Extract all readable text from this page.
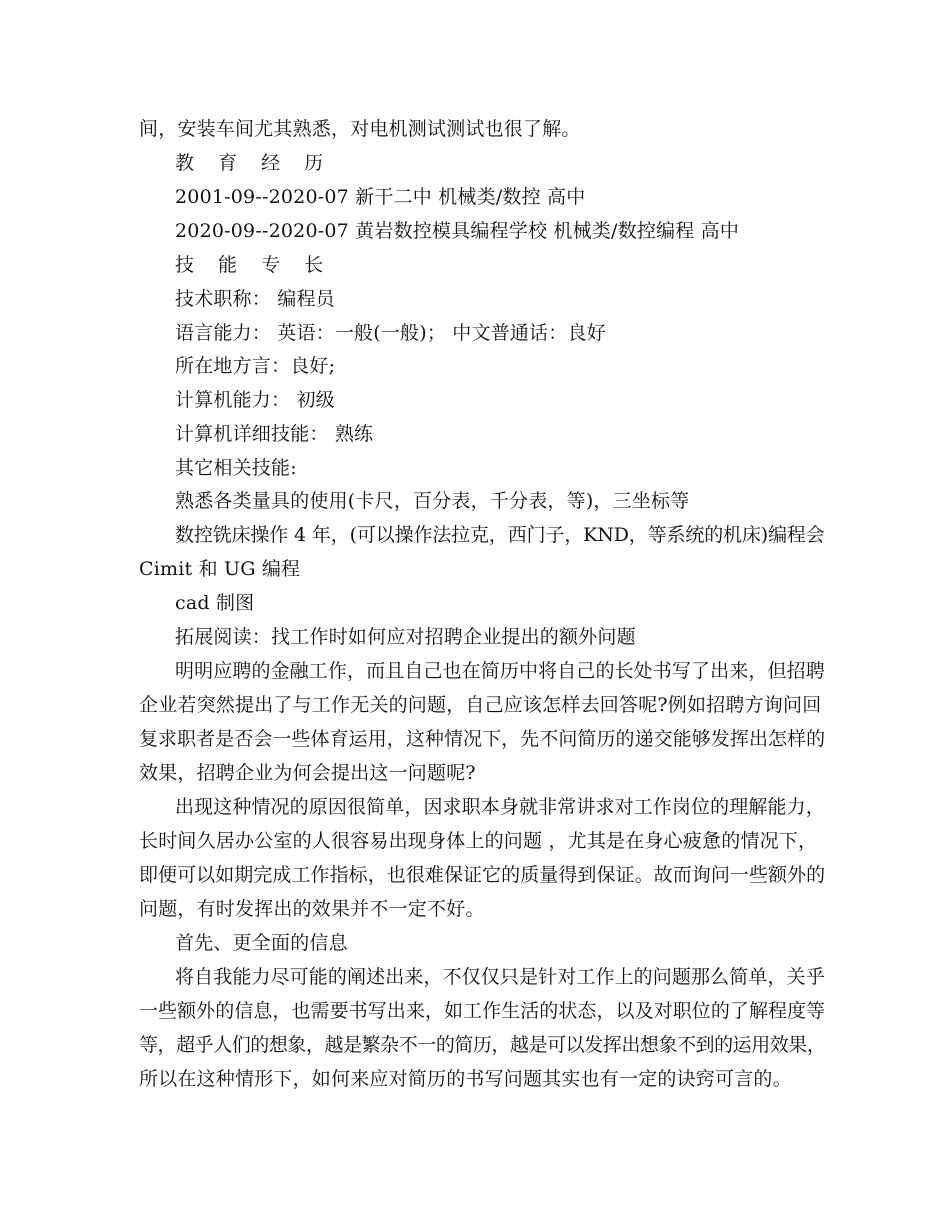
间，安装车间尤其熟悉，对电机测试测试也很了解。
教 育 经 历
2001-09--2020-07 新干二中 机械类/数控 高中
2020-09--2020-07 黄岩数控模具编程学校 机械类/数控编程 高中
技 能 专 长
技术职称： 编程员
语言能力： 英语：一般(一般)； 中文普通话：良好
所在地方言：良好;
计算机能力： 初级
计算机详细技能： 熟练
其它相关技能:
熟悉各类量具的使用(卡尺，百分表，千分表，等)，三坐标等
数控铣床操作 4 年，(可以操作法拉克，西门子，KND，等系统的机床)编程会
Cimit 和 UG 编程
cad 制图
拓展阅读：找工作时如何应对招聘企业提出的额外问题
明明应聘的金融工作，而且自己也在简历中将自己的长处书写了出来，但招聘
企业若突然提出了与工作无关的问题，自己应该怎样去回答呢?例如招聘方询问回
复求职者是否会一些体育运用，这种情况下，先不问简历的递交能够发挥出怎样的
效果，招聘企业为何会提出这一问题呢?
出现这种情况的原因很简单，因求职本身就非常讲求对工作岗位的理解能力，
长时间久居办公室的人很容易出现身体上的问题 ，尤其是在身心疲惫的情况下，
即便可以如期完成工作指标，也很难保证它的质量得到保证。故而询问一些额外的
问题，有时发挥出的效果并不一定不好。
首先、更全面的信息
将自我能力尽可能的阐述出来，不仅仅只是针对工作上的问题那么简单，关乎
一些额外的信息，也需要书写出来，如工作生活的状态，以及对职位的了解程度等
等，超乎人们的想象，越是繁杂不一的简历，越是可以发挥出想象不到的运用效果，
所以在这种情形下，如何来应对简历的书写问题其实也有一定的诀窍可言的。
